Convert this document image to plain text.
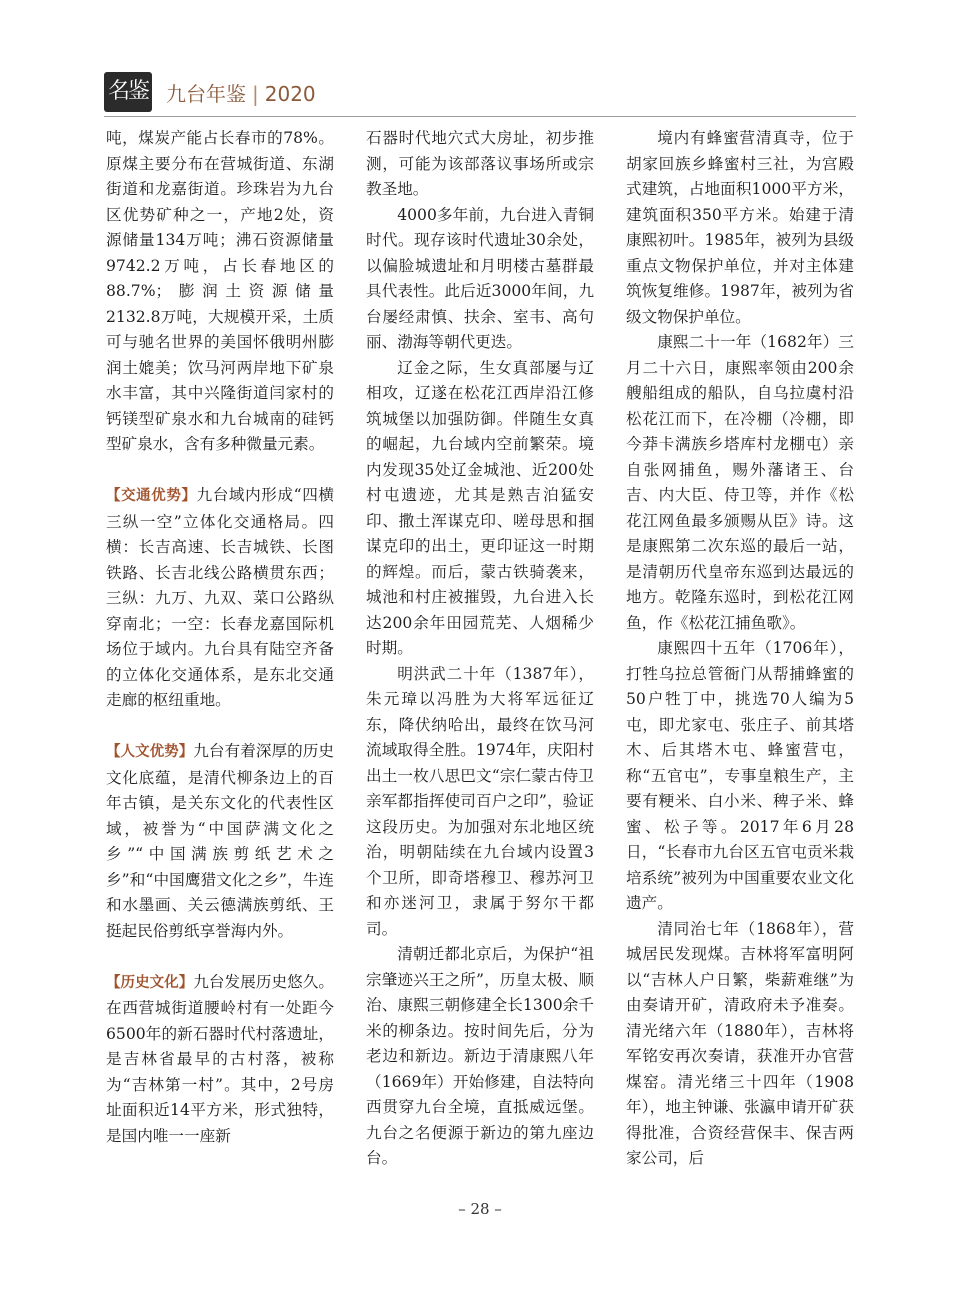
名鉴 九台年鉴 | 2020

吨，煤炭产能占长春市的78%。原煤主要分布在营城街道、东湖街道和龙嘉街道。珍珠岩为九台区优势矿种之一，产地2处，资源储量134万吨；沸石资源储量9742.2万吨，占长春地区的88.7%；膨润土资源储量2132.8万吨，大规模开采，土质可与驰名世界的美国怀俄明州膨润土媲美；饮马河两岸地下矿泉水丰富，其中兴隆街道闫家村的钙镁型矿泉水和九台城南的硅钙型矿泉水，含有多种微量元素。

【交通优势】九台域内形成“四横三纵一空”立体化交通格局。四横：长吉高速、长吉城铁、长图铁路、长吉北线公路横贯东西；三纵：九万、九双、菜口公路纵穿南北；一空：长春龙嘉国际机场位于域内。九台具有陆空齐备的立体化交通体系，是东北交通走廊的枢纽重地。

【人文优势】九台有着深厚的历史文化底蕴，是清代柳条边上的百年古镇，是关东文化的代表性区域，被誉为“中国萨满文化之乡”“中国满族剪纸艺术之乡”和“中国鹰猎文化之乡”，牛连和水墨画、关云德满族剪纸、王挺起民俗剪纸享誉海内外。

【历史文化】九台发展历史悠久。在西营城街道腰岭村有一处距今6500年的新石器时代村落遗址，是吉林省最早的古村落，被称为“吉林第一村”。其中，2号房址面积近14平方米，形式独特，是国内唯一一座新

石器时代地穴式大房址，初步推测，可能为该部落议事场所或宗教圣地。

4000多年前，九台进入青铜时代。现存该时代遗址30余处，以偏脸城遗址和月明楼古墓群最具代表性。此后近3000年间，九台屡经肃慎、扶余、室韦、高句丽、渤海等朝代更迭。

辽金之际，生女真部屡与辽相攻，辽遂在松花江西岸沿江修筑城堡以加强防御。伴随生女真的崛起，九台域内空前繁荣。境内发现35处辽金城池、近200处村屯遗迹，尤其是熟吉泊猛安印、撒土浑谋克印、嗟母思和掴谋克印的出土，更印证这一时期的辉煌。而后，蒙古铁骑袭来，城池和村庄被摧毁，九台进入长达200余年田园荒芜、人烟稀少时期。

明洪武二十年（1387年），朱元璋以冯胜为大将军远征辽东，降伏纳哈出，最终在饮马河流域取得全胜。1974年，庆阳村出土一枚八思巴文“宗仁蒙古侍卫亲军都指挥使司百户之印”，验证这段历史。为加强对东北地区统治，明朝陆续在九台域内设置3个卫所，即奇塔穆卫、穆苏河卫和亦迷河卫，隶属于努尔干都司。

清朝迁都北京后，为保护“祖宗肇迹兴王之所”，历皇太极、顺治、康熙三朝修建全长1300余千米的柳条边。按时间先后，分为老边和新边。新边于清康熙八年（1669年）开始修建，自法特向西贯穿九台全境，直抵威远堡。九台之名便源于新边的第九座边台。

境内有蜂蜜营清真寺，位于胡家回族乡蜂蜜村三社，为宫殿式建筑，占地面积1000平方米，建筑面积350平方米。始建于清康熙初叶。1985年，被列为县级重点文物保护单位，并对主体建筑恢复维修。1987年，被列为省级文物保护单位。

康熙二十一年（1682年）三月二十六日，康熙率领由200余艘船组成的船队，自乌拉虞村沿松花江而下，在冷棚（冷棚，即今莽卡满族乡塔库村龙棚屯）亲自张网捕鱼，赐外藩诸王、台吉、内大臣、侍卫等，并作《松花江网鱼最多颁赐从臣》诗。这是康熙第二次东巡的最后一站，是清朝历代皇帝东巡到达最远的地方。乾隆东巡时，到松花江网鱼，作《松花江捕鱼歌》。

康熙四十五年（1706年），打牲乌拉总管衙门从帮捕蜂蜜的50户牲丁中，挑选70人编为5屯，即尤家屯、张庄子、前其塔木、后其塔木屯、蜂蜜营屯，称“五官屯”，专事皇粮生产，主要有粳米、白小米、稗子米、蜂蜜、松子等。2017年6月28日，“长春市九台区五官屯贡米栽培系统”被列为中国重要农业文化遗产。

清同治七年（1868年），营城居民发现煤。吉林将军富明阿以“吉林人户日繁，柴薪难继”为由奏请开矿，清政府未予准奏。清光绪六年（1880年），吉林将军铭安再次奏请，获准开办官营煤窑。清光绪三十四年（1908年），地主钟谦、张瀛申请开矿获得批准，合资经营保丰、保吉两家公司，后

– 28 –
